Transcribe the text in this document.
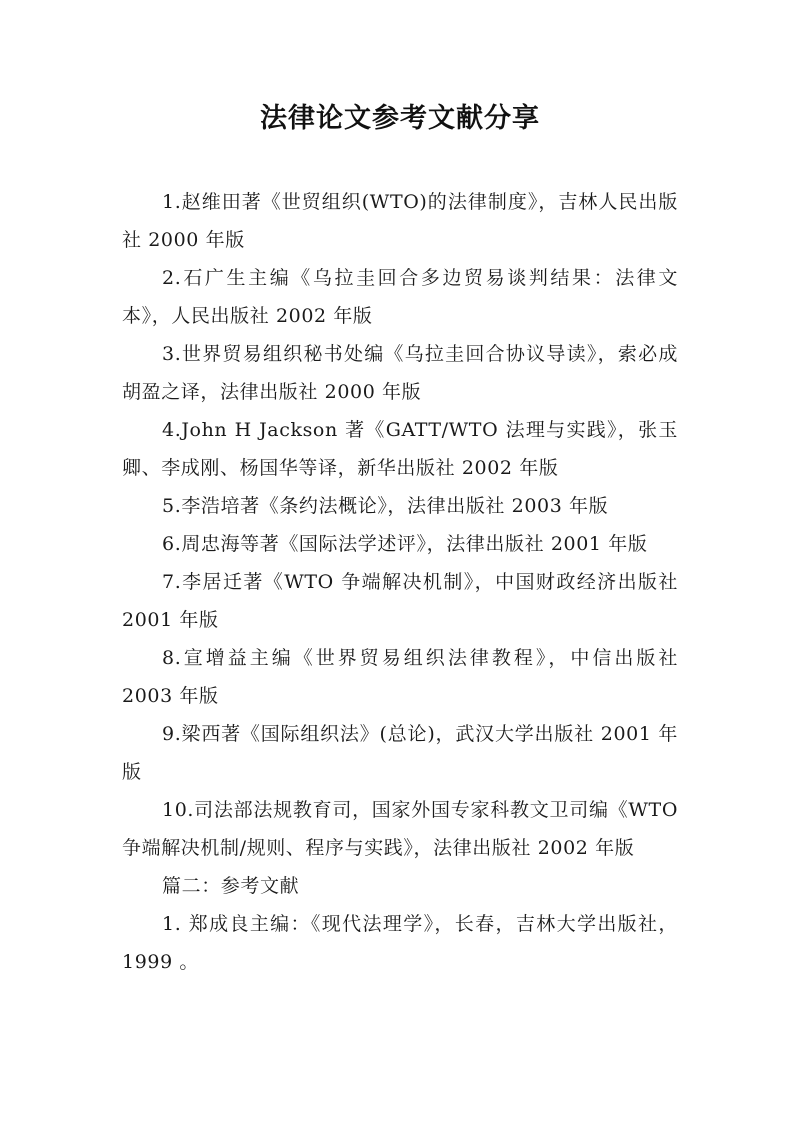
法律论文参考文献分享

1.赵维田著《世贸组织(WTO)的法律制度》，吉林人民出版社 2000 年版

2.石广生主编《乌拉圭回合多边贸易谈判结果：法律文本》，人民出版社 2002 年版

3.世界贸易组织秘书处编《乌拉圭回合协议导读》，索必成胡盈之译，法律出版社 2000 年版

4.John H Jackson 著《GATT/WTO 法理与实践》，张玉卿、李成刚、杨国华等译，新华出版社 2002 年版

5.李浩培著《条约法概论》，法律出版社 2003 年版

6.周忠海等著《国际法学述评》，法律出版社 2001 年版

7.李居迁著《WTO 争端解决机制》，中国财政经济出版社 2001 年版

8.宣增益主编《世界贸易组织法律教程》，中信出版社 2003 年版

9.梁西著《国际组织法》(总论)，武汉大学出版社 2001 年版

10.司法部法规教育司，国家外国专家科教文卫司编《WTO 争端解决机制/规则、程序与实践》，法律出版社 2002 年版

篇二：参考文献

1. 郑成良主编：《现代法理学》，长春，吉林大学出版社，1999 。
